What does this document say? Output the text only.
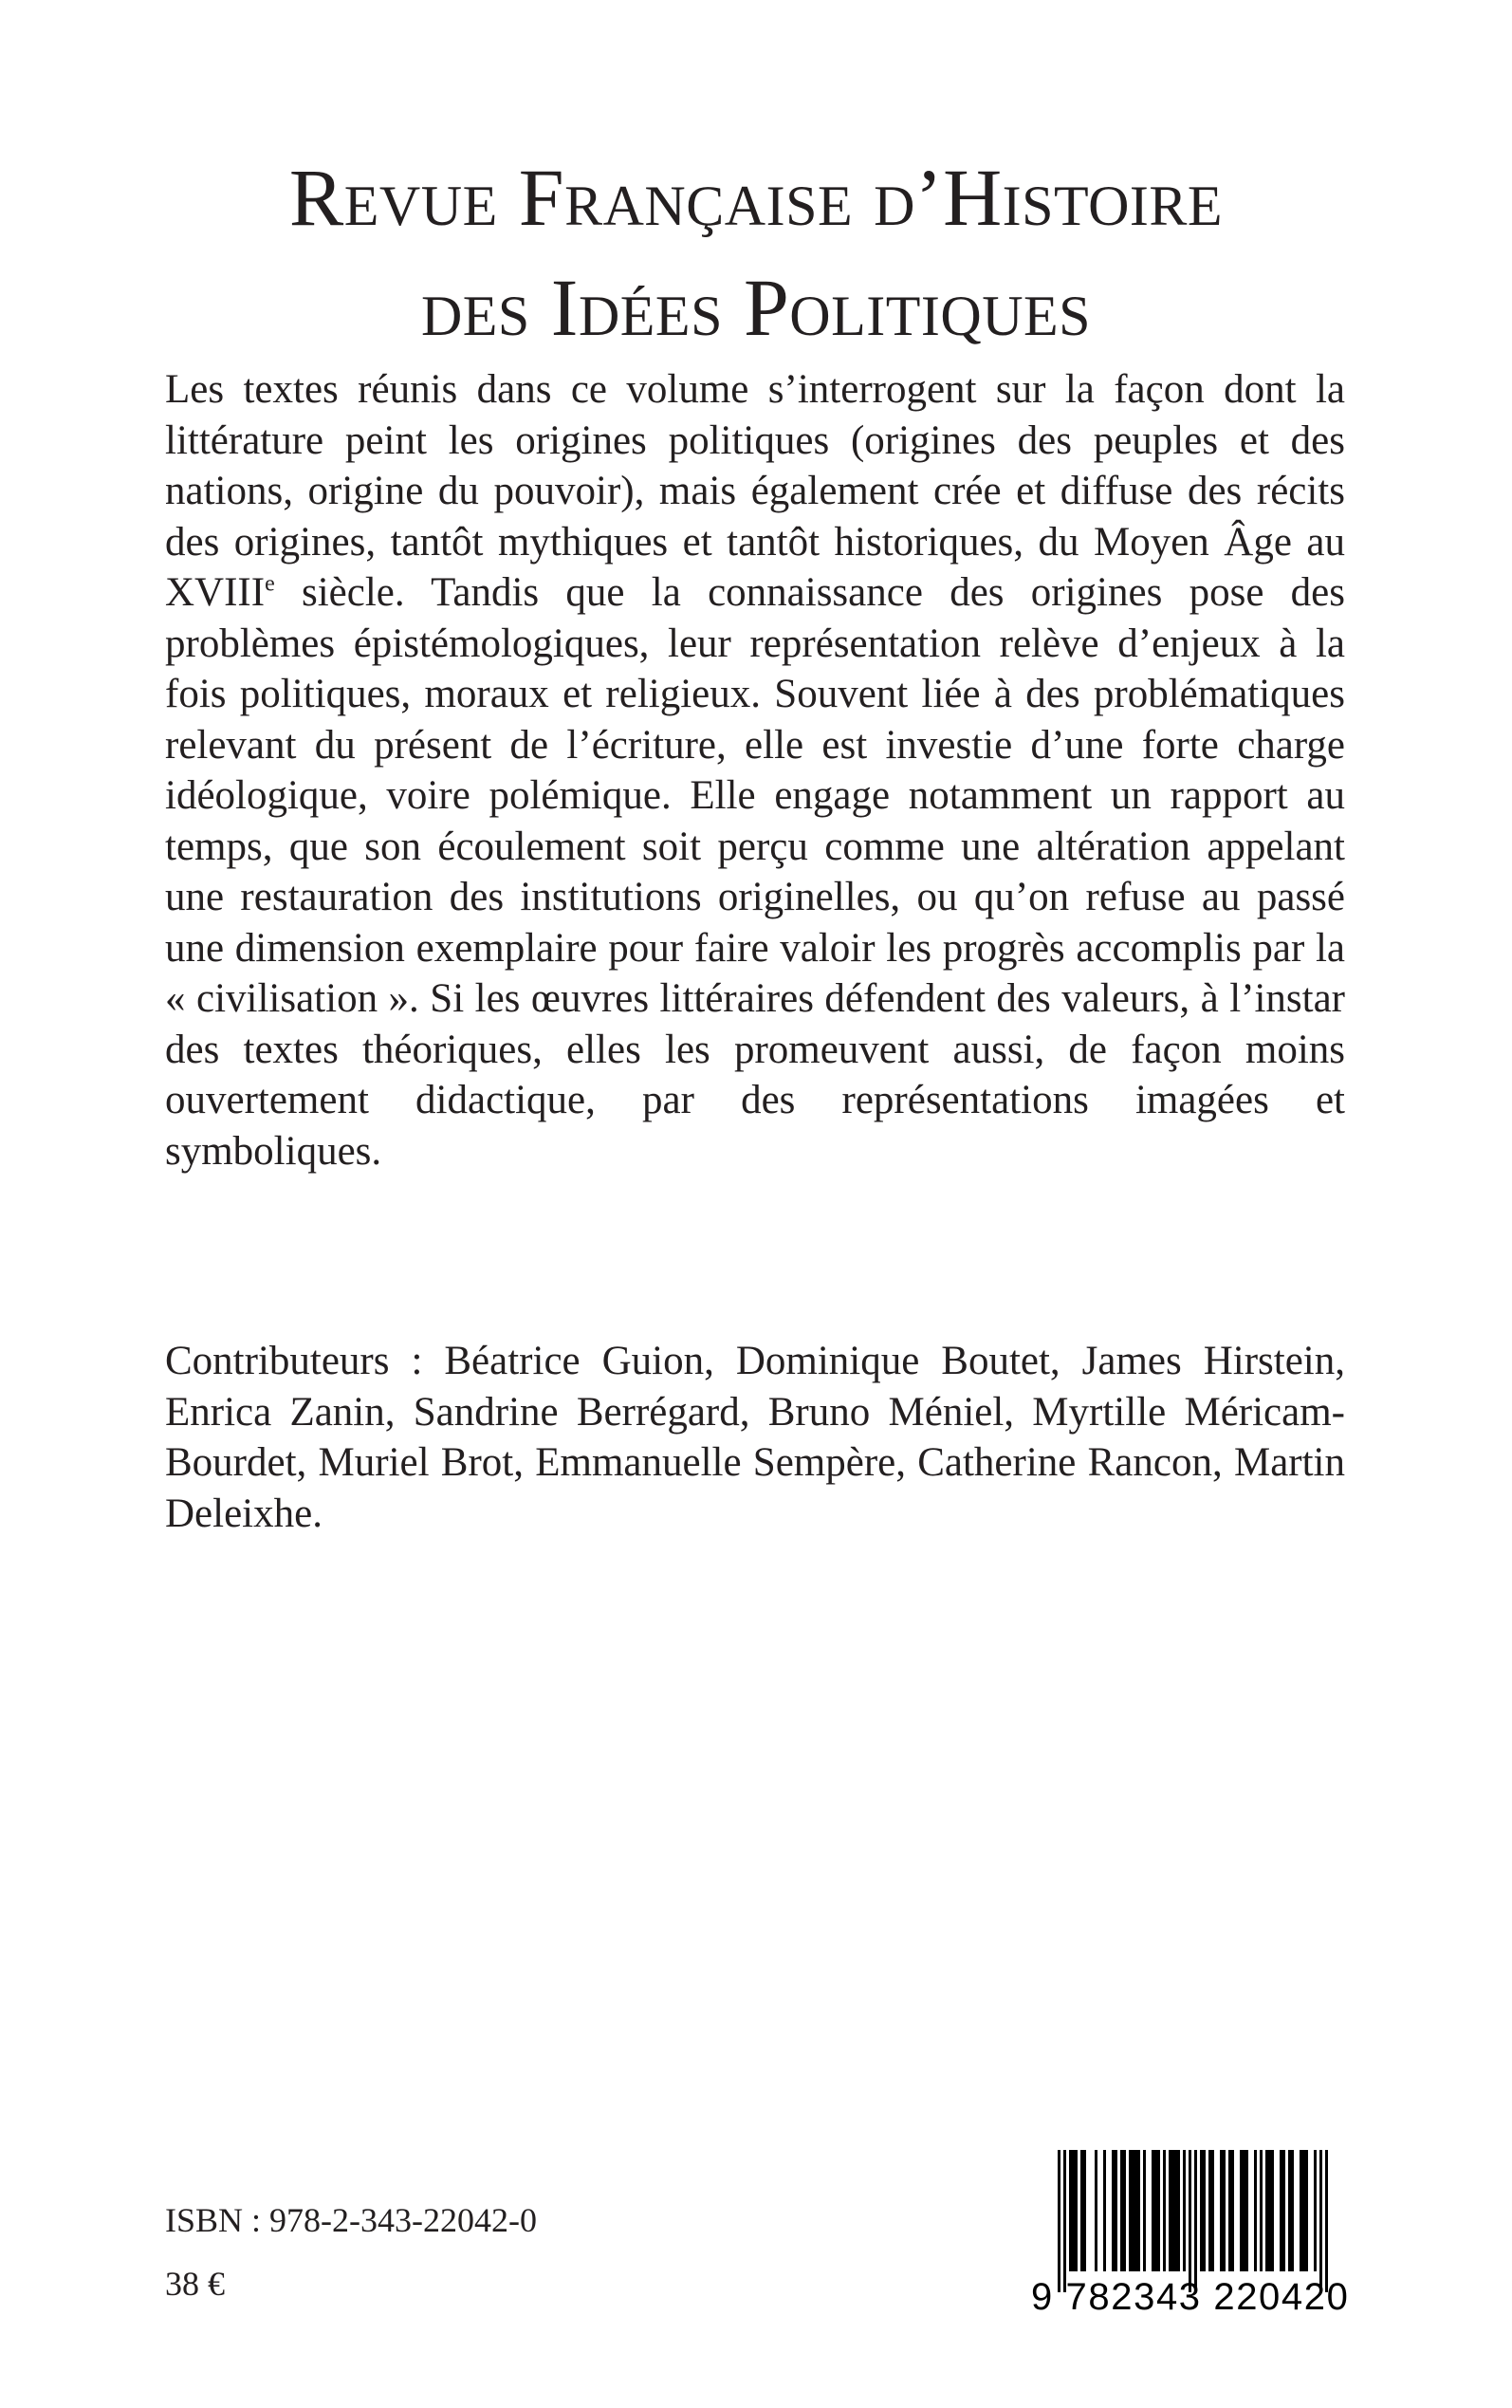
Revue Française d’Histoire
des Idées Politiques

Les textes réunis dans ce volume s’interrogent sur la façon dont la littérature peint les origines politiques (origines des peuples et des nations, origine du pouvoir), mais également crée et diffuse des récits des origines, tantôt mythiques et tantôt historiques, du Moyen Âge au XVIIIe siècle. Tandis que la connaissance des origines pose des problèmes épistémologiques, leur représentation relève d’enjeux à la fois politiques, moraux et religieux. Souvent liée à des problématiques relevant du présent de l’écriture, elle est investie d’une forte charge idéologique, voire polémique. Elle engage notamment un rapport au temps, que son écoulement soit perçu comme une altération appelant une restauration des institutions originelles, ou qu’on refuse au passé une dimension exemplaire pour faire valoir les progrès accomplis par la « civilisation ». Si les œuvres littéraires défendent des valeurs, à l’instar des textes théoriques, elles les promeuvent aussi, de façon moins ouvertement didactique, par des représentations imagées et symboliques.

Contributeurs : Béatrice Guion, Dominique Boutet, James Hirstein, Enrica Zanin, Sandrine Berrégard, Bruno Méniel, Myrtille Méricam-Bourdet, Muriel Brot, Emmanuelle Sempère, Catherine Rancon, Martin Deleixhe.

ISBN : 978-2-343-22042-0
38 €	9 782343 220420
